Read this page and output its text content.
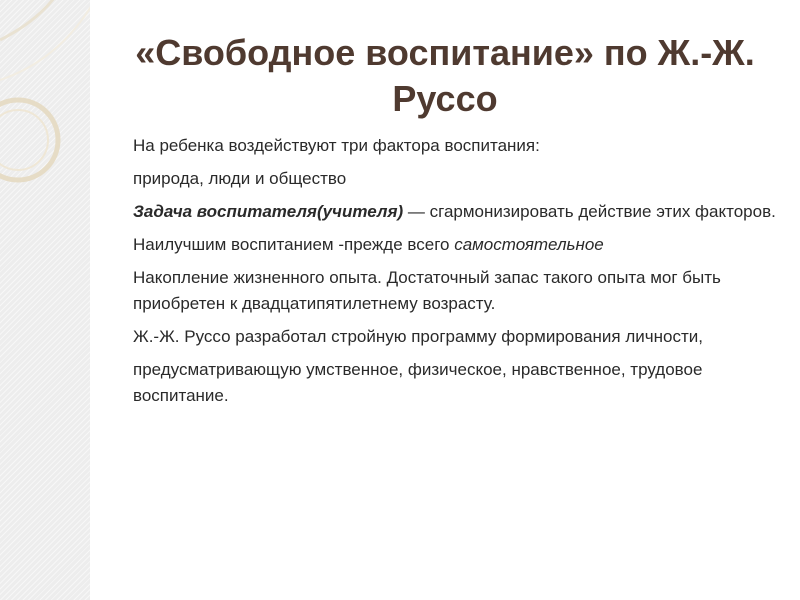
«Свободное воспитание» по Ж.-Ж. Руссо

На ребенка воздействуют три фактора воспитания:

природа, люди и общество

Задача воспитателя(учителя) — сгармонизировать действие этих факторов.

Наилучшим воспитанием -прежде всего самостоятельное

Накопление жизненного опыта. Достаточный запас такого опыта мог быть   приобретен к двадцатипятилетнему возрасту.

Ж.-Ж. Руссо разработал стройную программу формирования личности,

предусматривающую умственное, физическое, нравственное, трудовое воспитание.
